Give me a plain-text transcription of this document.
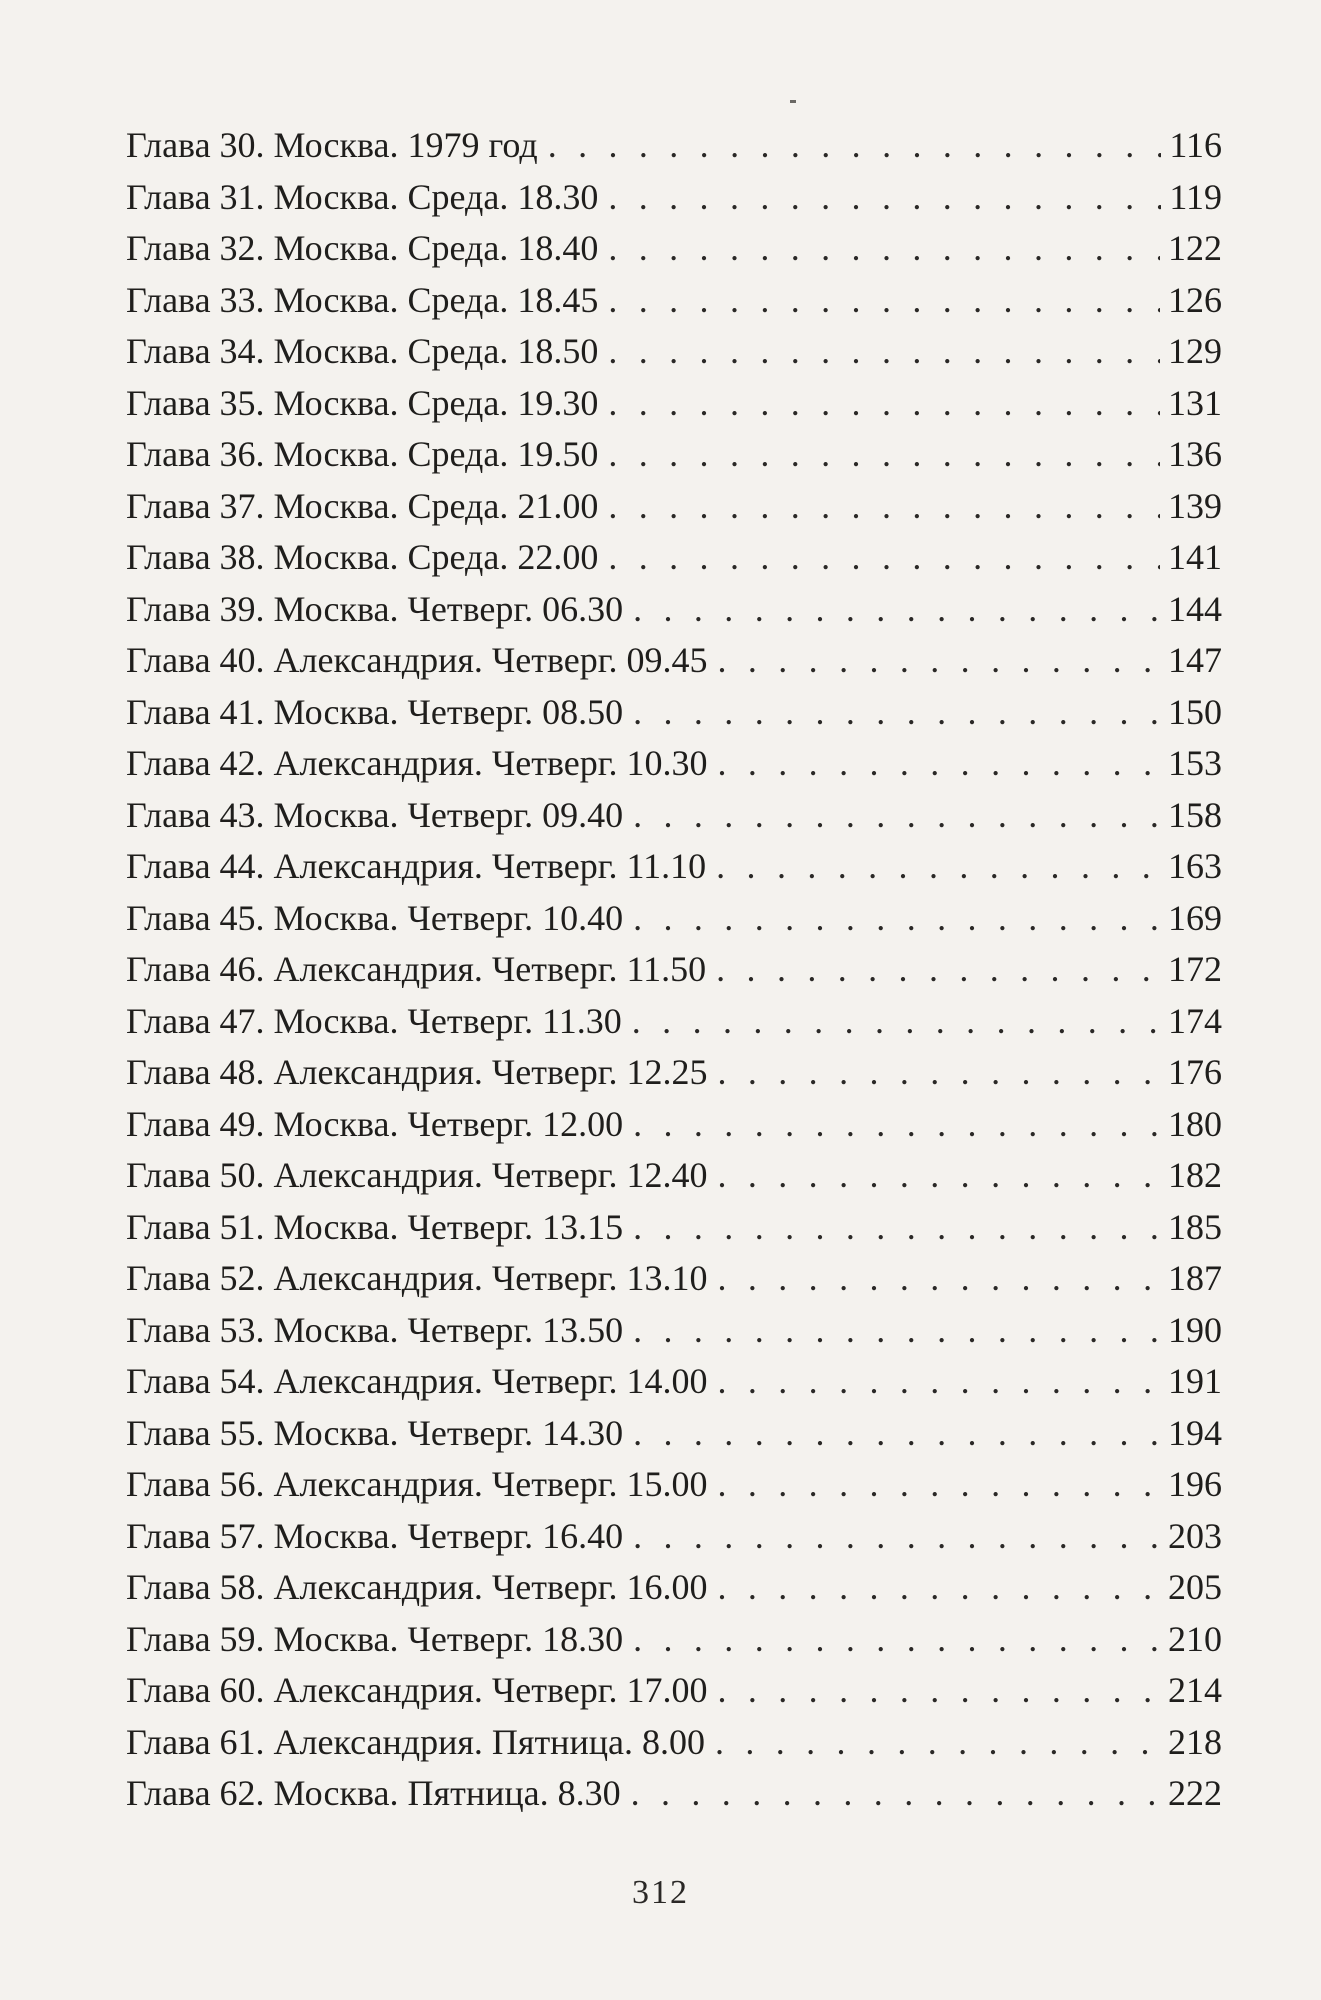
Глава 30. Москва. 1979 год . . .	116
Глава 31. Москва. Среда. 18.30 . . .	119
Глава 32. Москва. Среда. 18.40 . . .	122
Глава 33. Москва. Среда. 18.45 . . .	126
Глава 34. Москва. Среда. 18.50 . . .	129
Глава 35. Москва. Среда. 19.30 . . .	131
Глава 36. Москва. Среда. 19.50 . . .	136
Глава 37. Москва. Среда. 21.00 . . .	139
Глава 38. Москва. Среда. 22.00 . . .	141
Глава 39. Москва. Четверг. 06.30 . . .	144
Глава 40. Александрия. Четверг. 09.45 . . .	147
Глава 41. Москва. Четверг. 08.50 . . .	150
Глава 42. Александрия. Четверг. 10.30 . . .	153
Глава 43. Москва. Четверг. 09.40 . . .	158
Глава 44. Александрия. Четверг. 11.10 . . .	163
Глава 45. Москва. Четверг. 10.40 . . .	169
Глава 46. Александрия. Четверг. 11.50 . . .	172
Глава 47. Москва. Четверг. 11.30 . . .	174
Глава 48. Александрия. Четверг. 12.25 . . .	176
Глава 49. Москва. Четверг. 12.00 . . .	180
Глава 50. Александрия. Четверг. 12.40 . . .	182
Глава 51. Москва. Четверг. 13.15 . . .	185
Глава 52. Александрия. Четверг. 13.10 . . .	187
Глава 53. Москва. Четверг. 13.50 . . .	190
Глава 54. Александрия. Четверг. 14.00 . . .	191
Глава 55. Москва. Четверг. 14.30 . . .	194
Глава 56. Александрия. Четверг. 15.00 . . .	196
Глава 57. Москва. Четверг. 16.40 . . .	203
Глава 58. Александрия. Четверг. 16.00 . . .	205
Глава 59. Москва. Четверг. 18.30 . . .	210
Глава 60. Александрия. Четверг. 17.00 . . .	214
Глава 61. Александрия. Пятница. 8.00 . . .	218
Глава 62. Москва. Пятница. 8.30 . . .	222
312
